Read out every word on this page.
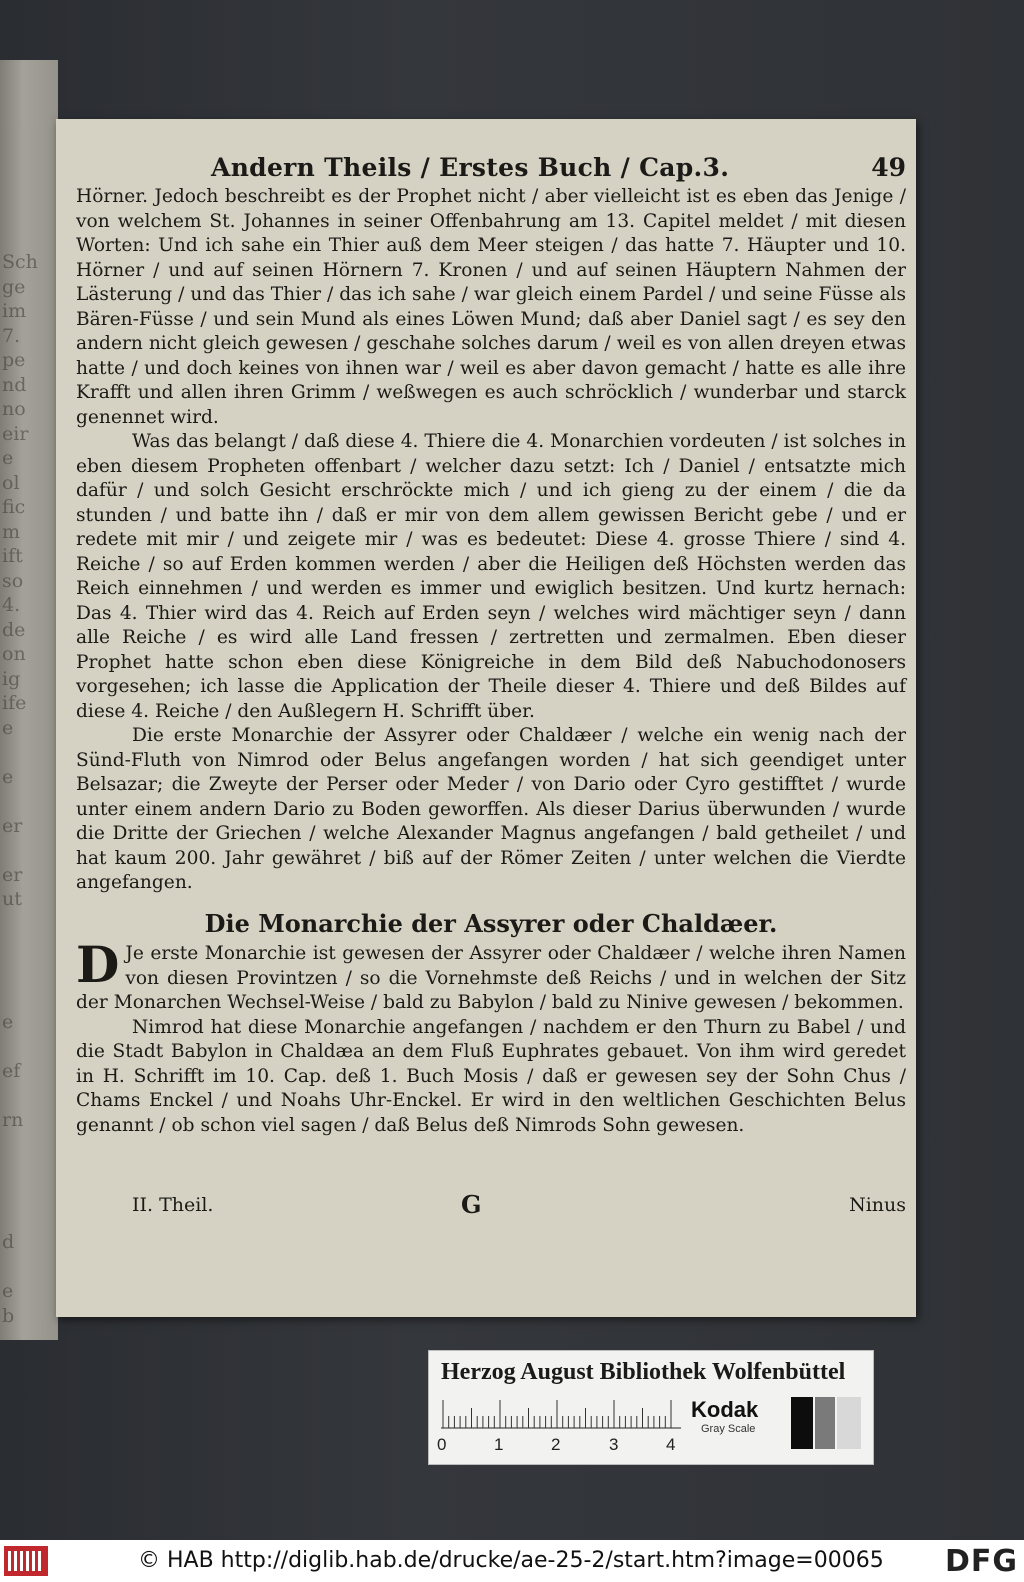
Sch
ge
im
7.
pe
nd
no
eir
e
ol
fic
m
ift
so
4.
de
on
ig
ife
e

e

er

er
ut

e

ef

rn

d

e
b

Andern Theils / Erstes Buch / Cap.3.	49

Hörner. Jedoch beschreibt es der Prophet nicht / aber vielleicht ist es eben das Jenige / von welchem St. Johannes in seiner Offenbahrung am 13. Capitel meldet / mit diesen Worten: Und ich sahe ein Thier auß dem Meer steigen / das hatte 7. Häupter und 10. Hörner / und auf seinen Hörnern 7. Kronen / und auf seinen Häuptern Nahmen der Lästerung / und das Thier / das ich sahe / war gleich einem Pardel / und seine Füsse als Bären-Füsse / und sein Mund als eines Löwen Mund; daß aber Daniel sagt / es sey den andern nicht gleich gewesen / geschahe solches darum / weil es von allen dreyen etwas hatte / und doch keines von ihnen war / weil es aber davon gemacht / hatte es alle ihre Krafft und allen ihren Grimm / weßwegen es auch schröcklich / wunderbar und starck genennet wird.

Was das belangt / daß diese 4. Thiere die 4. Monarchien vordeuten / ist solches in eben diesem Propheten offenbart / welcher dazu setzt: Ich / Daniel / entsatzte mich dafür / und solch Gesicht erschröckte mich / und ich gieng zu der einem / die da stunden / und batte ihn / daß er mir von dem allem gewissen Bericht gebe / und er redete mit mir / und zeigete mir / was es bedeutet: Diese 4. grosse Thiere / sind 4. Reiche / so auf Erden kommen werden / aber die Heiligen deß Höchsten werden das Reich einnehmen / und werden es immer und ewiglich besitzen. Und kurtz hernach: Das 4. Thier wird das 4. Reich auf Erden seyn / welches wird mächtiger seyn / dann alle Reiche / es wird alle Land fressen / zertretten und zermalmen. Eben dieser Prophet hatte schon eben diese Königreiche in dem Bild deß Nabuchodonosers vorgesehen; ich lasse die Application der Theile dieser 4. Thiere und deß Bildes auf diese 4. Reiche / den Außlegern H. Schrifft über.

Die erste Monarchie der Assyrer oder Chaldæer / welche ein wenig nach der Sünd-Fluth von Nimrod oder Belus angefangen worden / hat sich geendiget unter Belsazar; die Zweyte der Perser oder Meder / von Dario oder Cyro gestifftet / wurde unter einem andern Dario zu Boden geworffen. Als dieser Darius überwunden / wurde die Dritte der Griechen / welche Alexander Magnus angefangen / bald getheilet / und hat kaum 200. Jahr gewähret / biß auf der Römer Zeiten / unter welchen die Vierdte angefangen.

Die Monarchie der Assyrer oder Chaldæer.

D Je erste Monarchie ist gewesen der Assyrer oder Chaldæer / welche ihren Namen von diesen Provintzen / so die Vornehmste deß Reichs / und in welchen der Sitz der Monarchen Wechsel-Weise / bald zu Babylon / bald zu Ninive gewesen / bekommen.

Nimrod hat diese Monarchie angefangen / nachdem er den Thurn zu Babel / und die Stadt Babylon in Chaldæa an dem Fluß Euphrates gebauet. Von ihm wird geredet in H. Schrifft im 10. Cap. deß 1. Buch Mosis / daß er gewesen sey der Sohn Chus / Chams Enckel / und Noahs Uhr-Enckel. Er wird in den weltlichen Geschichten Belus genannt / ob schon viel sagen / daß Belus deß Nimrods Sohn gewesen.

II. Theil.	G	Ninus
Herzog August Bibliothek Wolfenbüttel
0	1	2	3	4
Kodak
Gray Scale
© HAB http://diglib.hab.de/drucke/ae-25-2/start.htm?image=00065 DFG
